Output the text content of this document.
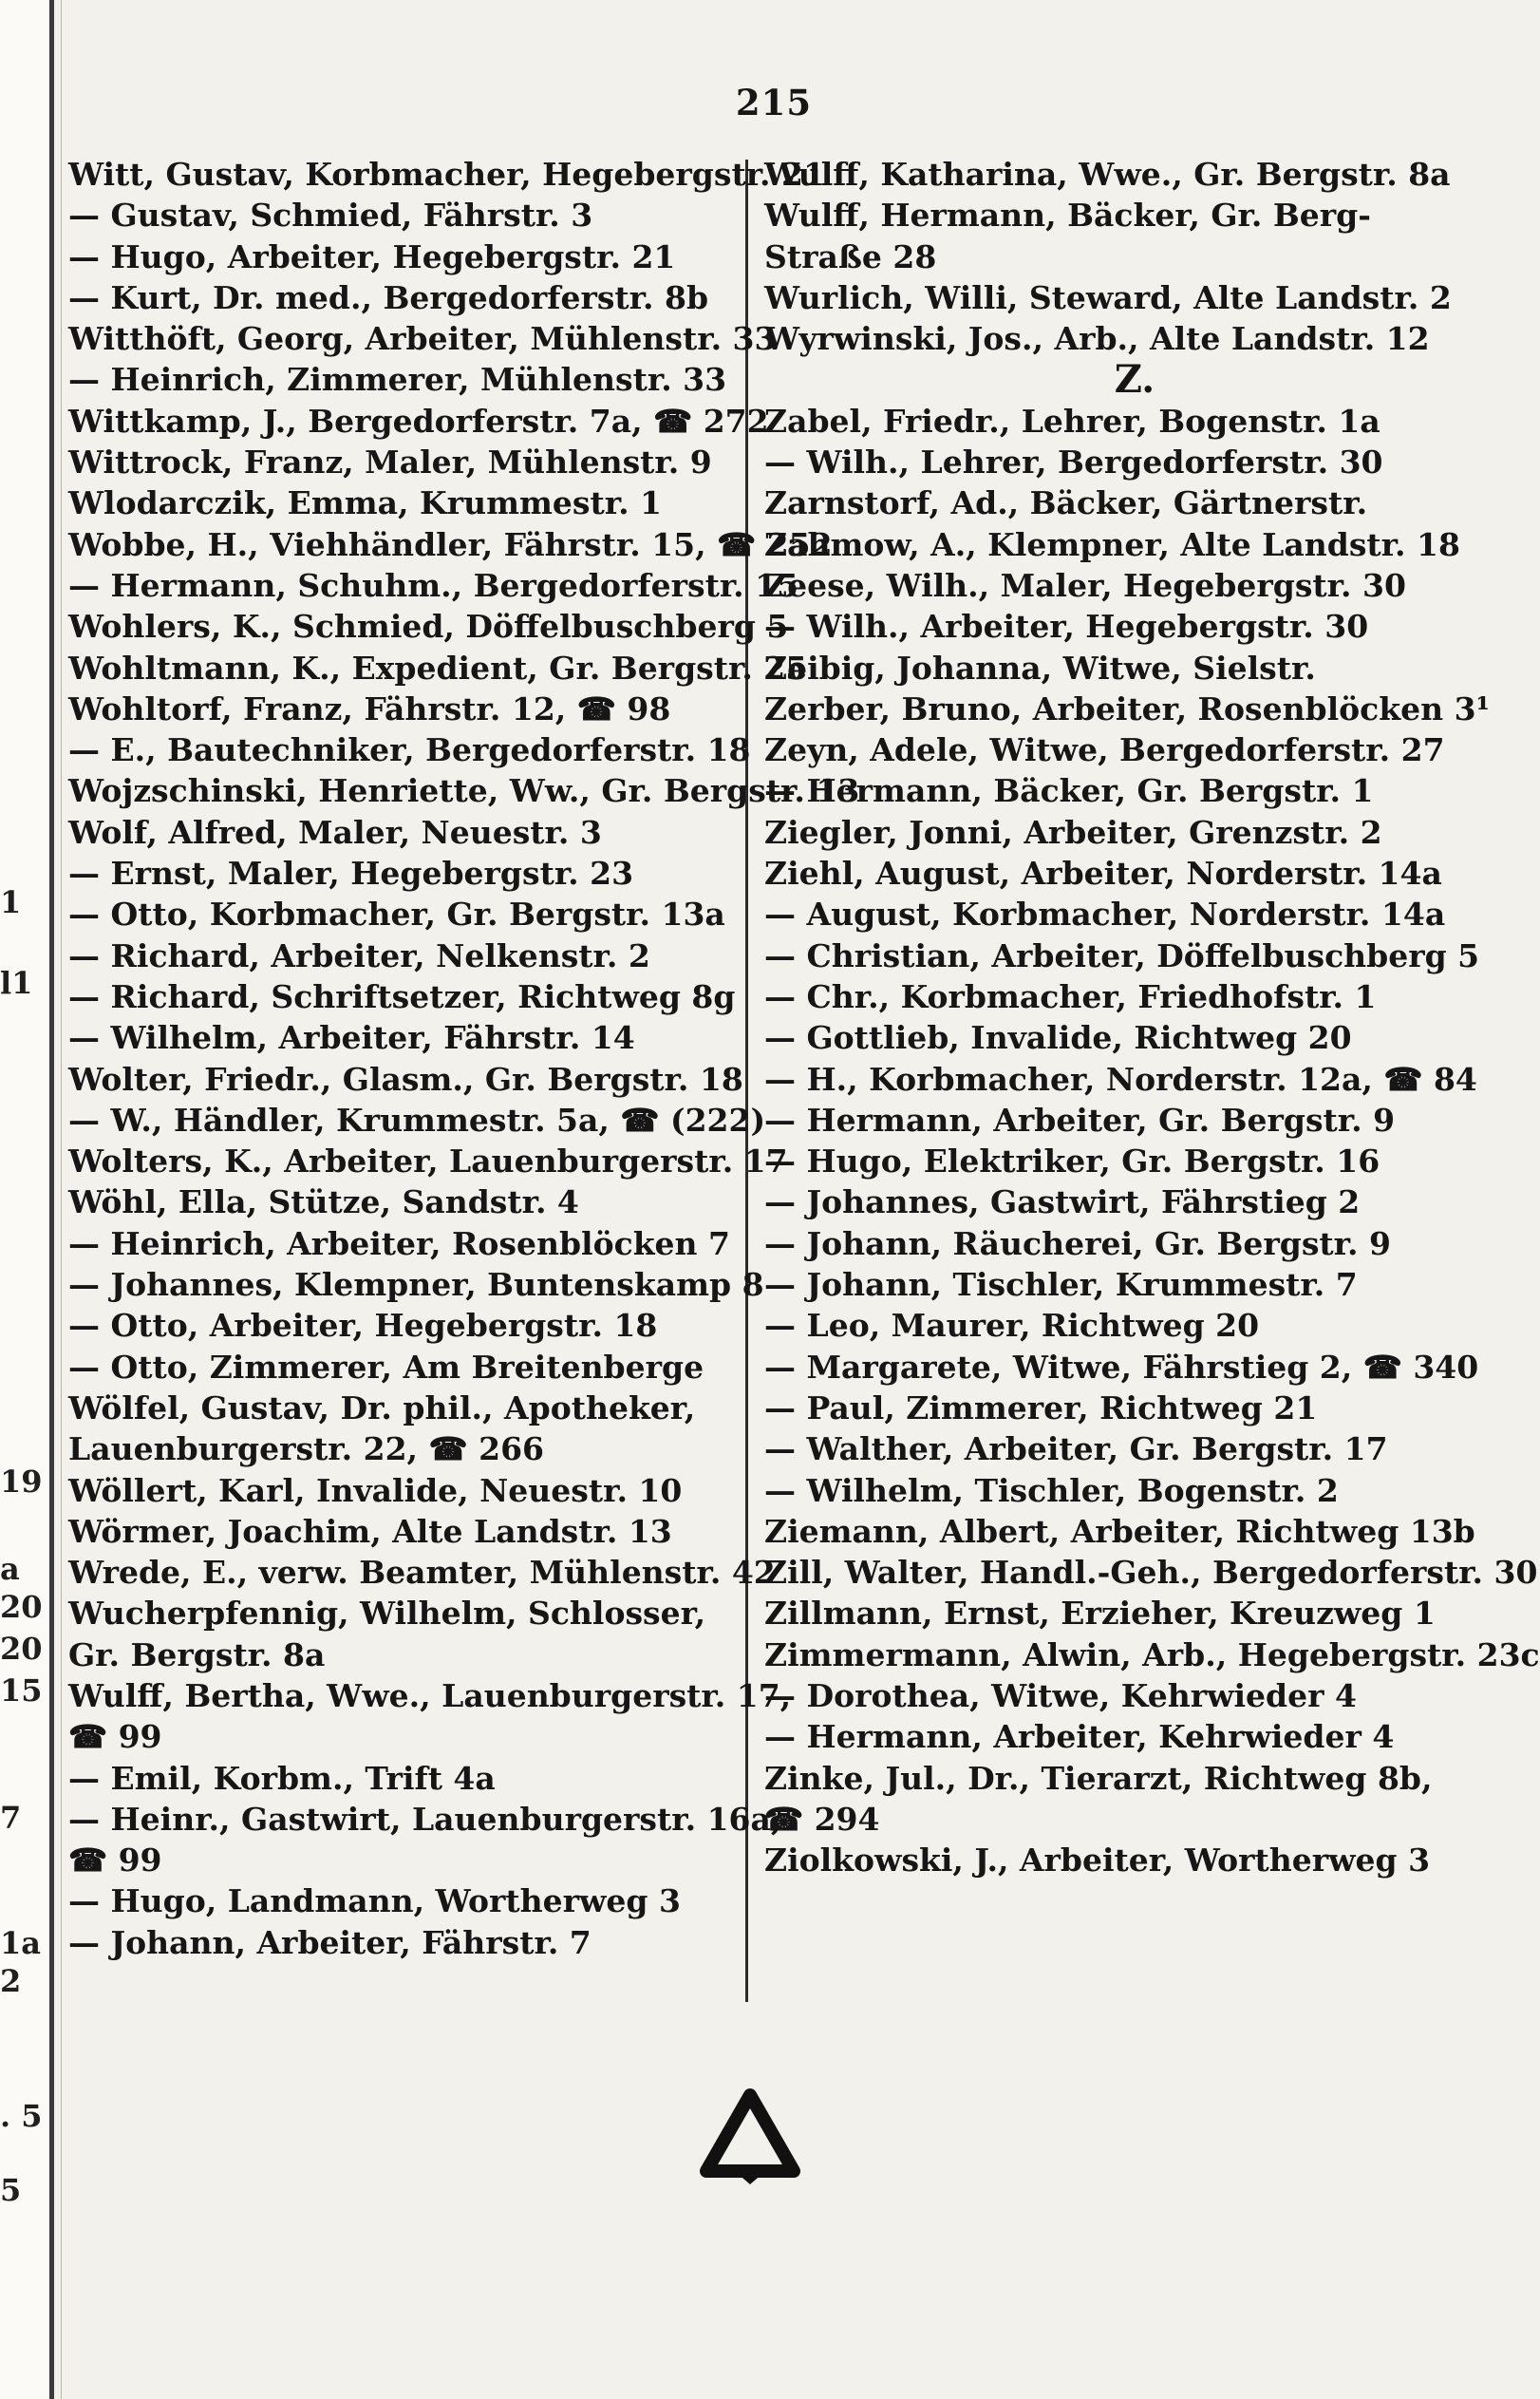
1
l1
19
a
20
20
15
7
1a
2
. 5
5
215
Witt, Gustav, Korbmacher, Hegebergstr. 21
— Gustav, Schmied, Fährstr. 3
— Hugo, Arbeiter, Hegebergstr. 21
— Kurt, Dr. med., Bergedorferstr. 8b
Witthöft, Georg, Arbeiter, Mühlenstr. 33
— Heinrich, Zimmerer, Mühlenstr. 33
Wittkamp, J., Bergedorferstr. 7a, ☎ 272
Wittrock, Franz, Maler, Mühlenstr. 9
Wlodarczik, Emma, Krummestr. 1
Wobbe, H., Viehhändler, Fährstr. 15, ☎ 252
— Hermann, Schuhm., Bergedorferstr. 15
Wohlers, K., Schmied, Döffelbuschberg 5
Wohltmann, K., Expedient, Gr. Bergstr. 25
Wohltorf, Franz, Fährstr. 12, ☎ 98
— E., Bautechniker, Bergedorferstr. 18
Wojzschinski, Henriette, Ww., Gr. Bergstr. 13
Wolf, Alfred, Maler, Neuestr. 3
— Ernst, Maler, Hegebergstr. 23
— Otto, Korbmacher, Gr. Bergstr. 13a
— Richard, Arbeiter, Nelkenstr. 2
— Richard, Schriftsetzer, Richtweg 8g
— Wilhelm, Arbeiter, Fährstr. 14
Wolter, Friedr., Glasm., Gr. Bergstr. 18
— W., Händler, Krummestr. 5a, ☎ (222)
Wolters, K., Arbeiter, Lauenburgerstr. 17
Wöhl, Ella, Stütze, Sandstr. 4
— Heinrich, Arbeiter, Rosenblöcken 7
— Johannes, Klempner, Buntenskamp 8
— Otto, Arbeiter, Hegebergstr. 18
— Otto, Zimmerer, Am Breitenberge
Wölfel, Gustav, Dr. phil., Apotheker,
Lauenburgerstr. 22, ☎ 266
Wöllert, Karl, Invalide, Neuestr. 10
Wörmer, Joachim, Alte Landstr. 13
Wrede, E., verw. Beamter, Mühlenstr. 42
Wucherpfennig, Wilhelm, Schlosser,
Gr. Bergstr. 8a
Wulff, Bertha, Wwe., Lauenburgerstr. 17,
☎ 99
— Emil, Korbm., Trift 4a
— Heinr., Gastwirt, Lauenburgerstr. 16a,
☎ 99
— Hugo, Landmann, Wortherweg 3
— Johann, Arbeiter, Fährstr. 7
Wulff, Katharina, Wwe., Gr. Bergstr. 8a
Wulff, Hermann, Bäcker, Gr. Berg-
Straße 28
Wurlich, Willi, Steward, Alte Landstr. 2
Wyrwinski, Jos., Arb., Alte Landstr. 12
Z.
Zabel, Friedr., Lehrer, Bogenstr. 1a
— Wilh., Lehrer, Bergedorferstr. 30
Zarnstorf, Ad., Bäcker, Gärtnerstr.
Zahmow, A., Klempner, Alte Landstr. 18
Zeese, Wilh., Maler, Hegebergstr. 30
— Wilh., Arbeiter, Hegebergstr. 30
Zeibig, Johanna, Witwe, Sielstr.
Zerber, Bruno, Arbeiter, Rosenblöcken 3¹
Zeyn, Adele, Witwe, Bergedorferstr. 27
— Hermann, Bäcker, Gr. Bergstr. 1
Ziegler, Jonni, Arbeiter, Grenzstr. 2
Ziehl, August, Arbeiter, Norderstr. 14a
— August, Korbmacher, Norderstr. 14a
— Christian, Arbeiter, Döffelbuschberg 5
— Chr., Korbmacher, Friedhofstr. 1
— Gottlieb, Invalide, Richtweg 20
— H., Korbmacher, Norderstr. 12a, ☎ 84
— Hermann, Arbeiter, Gr. Bergstr. 9
— Hugo, Elektriker, Gr. Bergstr. 16
— Johannes, Gastwirt, Fährstieg 2
— Johann, Räucherei, Gr. Bergstr. 9
— Johann, Tischler, Krummestr. 7
— Leo, Maurer, Richtweg 20
— Margarete, Witwe, Fährstieg 2, ☎ 340
— Paul, Zimmerer, Richtweg 21
— Walther, Arbeiter, Gr. Bergstr. 17
— Wilhelm, Tischler, Bogenstr. 2
Ziemann, Albert, Arbeiter, Richtweg 13b
Zill, Walter, Handl.-Geh., Bergedorferstr. 30
Zillmann, Ernst, Erzieher, Kreuzweg 1
Zimmermann, Alwin, Arb., Hegebergstr. 23c
— Dorothea, Witwe, Kehrwieder 4
— Hermann, Arbeiter, Kehrwieder 4
Zinke, Jul., Dr., Tierarzt, Richtweg 8b,
☎ 294
Ziolkowski, J., Arbeiter, Wortherweg 3
